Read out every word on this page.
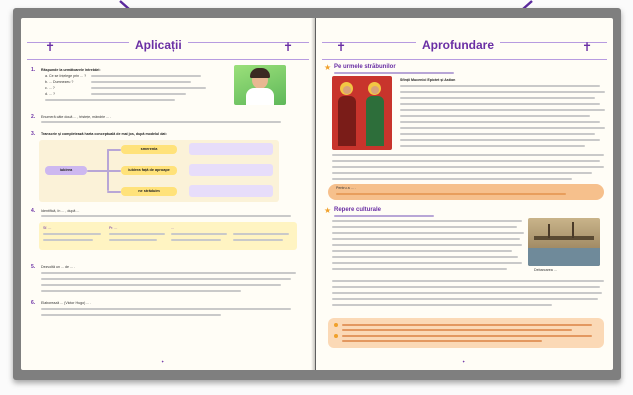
✝	✝
Aplicații
1. Răspunde la următoarele întrebări:
a. Ce se înțelege prin ... ?
b. ... Dumnezeu ?
c. ... ?
d. ... ?
2. Enumeră câte două ... , tristețe, mândrie ... .
3. Transcrie și completează harta conceptuală de mai jos, după modelul dat:
iubirea
smerenia
iubirea față de aproape
ne străduim
4. Identifică, în ... , după ...
Sf. ...	Pr. ...	...
5. Dezvoltă un ... de ... .
6. Elaborează ... (Victor Hugo) ... .
✦
✝	✝
Aprofundare
★ Pe urmele străbunilor
Sfinții Mucenici Epictet și Astion
Pentru a ... .
★ Repere culturale
Debarcarea ...
✦
